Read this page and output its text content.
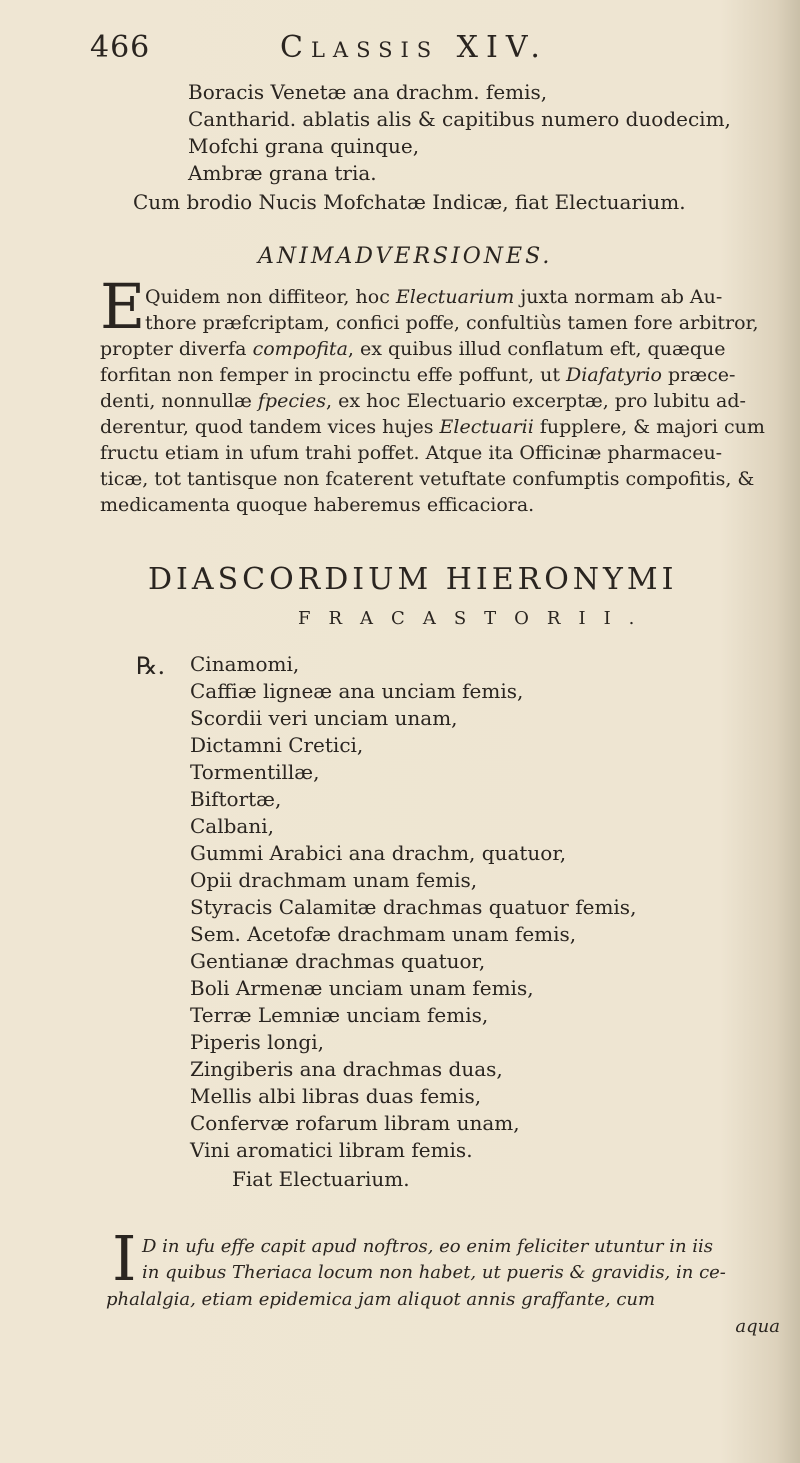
466	Classis XIV.
Boracis Venetæ ana drachm. femis,
Cantharid. ablatis alis & capitibus numero duodecim,
Mofchi grana quinque,
Ambræ grana tria.
Cum brodio Nucis Mofchatæ Indicæ, fiat Electuarium.
ANIMADVERSIONES.
E Quidem non diffiteor, hoc Electuarium juxta normam ab Au-
thore præfcriptam, confici poffe, confultiùs tamen fore arbitror,
propter diverfa compofita, ex quibus illud conflatum eft, quæque
forfitan non femper in procinctu effe poffunt, ut Diafatyrio præce-
denti, nonnullæ fpecies, ex hoc Electuario excerptæ, pro lubitu ad-
derentur, quod tandem vices hujes Electuarii fupplere, & majori cum
fructu etiam in ufum trahi poffet. Atque ita Officinæ pharmaceu-
ticæ, tot tantisque non fcaterent vetuftate confumptis compofitis, &
medicamenta quoque haberemus efficaciora.
DIASCORDIUM HIERONYMI
FRACASTORII.
℞. Cinamomi,
Caffiæ ligneæ ana unciam femis,
Scordii veri unciam unam,
Dictamni Cretici,
Tormentillæ,
Biftortæ,
Calbani,
Gummi Arabici ana drachm, quatuor,
Opii drachmam unam femis,
Styracis Calamitæ drachmas quatuor femis,
Sem. Acetofæ drachmam unam femis,
Gentianæ drachmas quatuor,
Boli Armenæ unciam unam femis,
Terræ Lemniæ unciam femis,
Piperis longi,
Zingiberis ana drachmas duas,
Mellis albi libras duas femis,
Confervæ rofarum libram unam,
Vini aromatici libram femis.
Fiat Electuarium.
I D in ufu effe capit apud noftros, eo enim feliciter utuntur in iis
in quibus Theriaca locum non habet, ut pueris & gravidis, in ce-
phalalgia, etiam epidemica jam aliquot annis graffante, cum
aqua
